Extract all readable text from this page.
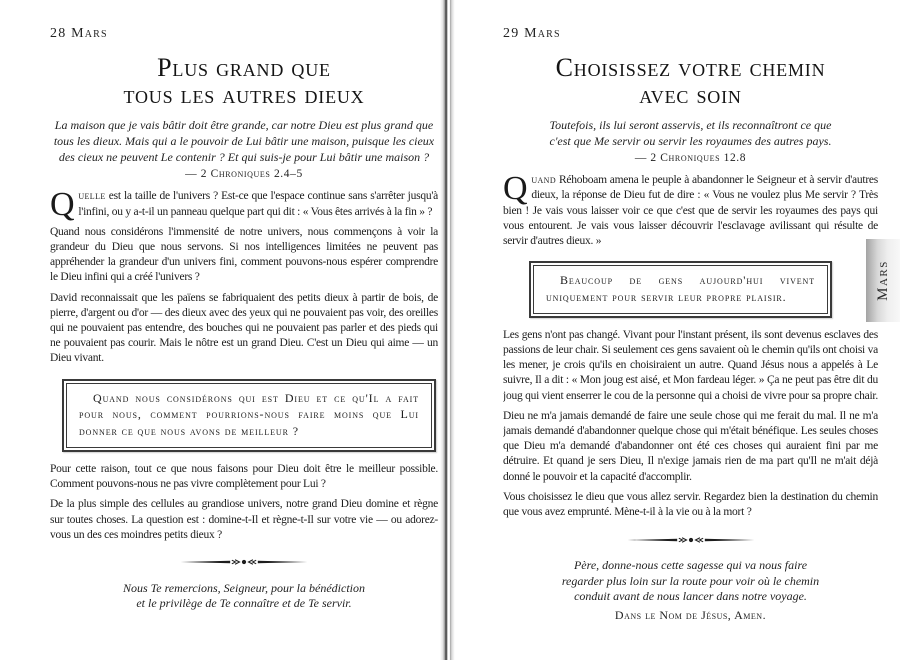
28 Mars
Plus grand que
tous les autres dieux
La maison que je vais bâtir doit être grande, car notre Dieu est plus grand que
tous les dieux. Mais qui a le pouvoir de Lui bâtir une maison, puisque les cieux
des cieux ne peuvent Le contenir ? Et qui suis-je pour Lui bâtir une maison ?
— 2 Chroniques 2.4–5

Quelle est la taille de l'univers ? Est-ce que l'espace continue sans s'arrêter jusqu'à l'infini, ou y a-t-il un panneau quelque part qui dit : « Vous êtes arrivés à la fin » ?

Quand nous considérons l'immensité de notre univers, nous commençons à voir la grandeur du Dieu que nous servons. Si nos intelligences limitées ne peuvent pas appréhender la grandeur d'un univers fini, comment pouvons-nous espérer comprendre le Dieu infini qui a créé l'univers ?

David reconnaissait que les païens se fabriquaient des petits dieux à partir de bois, de pierre, d'argent ou d'or — des dieux avec des yeux qui ne pouvaient pas voir, des oreilles qui ne pouvaient pas entendre, des bouches qui ne pouvaient pas parler et des pieds qui ne pouvaient pas courir. Mais le nôtre est un grand Dieu. C'est un Dieu qui aime — un Dieu vivant.

Quand nous considérons qui est Dieu et ce qu'Il a fait pour nous, comment pourrions-nous faire moins que Lui donner ce que nous avons de meilleur ?

Pour cette raison, tout ce que nous faisons pour Dieu doit être le meilleur possible. Comment pouvons-nous ne pas vivre complètement pour Lui ?

De la plus simple des cellules au grandiose univers, notre grand Dieu domine et règne sur toutes choses. La question est : domine-t-Il et règne-t-Il sur votre vie — ou adorez-vous un des ces moindres petits dieux ?

Nous Te remercions, Seigneur, pour la bénédiction
et le privilège de Te connaître et de Te servir.
29 Mars
Choisissez votre chemin
avec soin
Toutefois, ils lui seront asservis, et ils reconnaîtront ce que
c'est que Me servir ou servir les royaumes des autres pays.
— 2 Chroniques 12.8

Quand Réhoboam amena le peuple à abandonner le Seigneur et à servir d'autres dieux, la réponse de Dieu fut de dire : « Vous ne voulez plus Me servir ? Très bien ! Je vais vous laisser voir ce que c'est que de servir les royaumes des pays qui vous entourent. Je vais vous laisser découvrir l'esclavage avilissant qui résulte de servir d'autres dieux. »

Beaucoup de gens aujourd'hui vivent uniquement pour servir leur propre plaisir.

Les gens n'ont pas changé. Vivant pour l'instant présent, ils sont devenus esclaves des passions de leur chair. Si seulement ces gens savaient où le chemin qu'ils ont choisi va les mener, je crois qu'ils en choisiraient un autre. Quand Jésus nous a appelés à Le suivre, Il a dit : « Mon joug est aisé, et Mon fardeau léger. » Ça ne peut pas être dit du joug qui vient enserrer le cou de la personne qui a choisi de vivre pour sa propre chair.

Dieu ne m'a jamais demandé de faire une seule chose qui me ferait du mal. Il ne m'a jamais demandé d'abandonner quelque chose qui m'était bénéfique. Les seules choses que Dieu m'a demandé d'abandonner ont été ces choses qui auraient fini par me détruire. Et quand je sers Dieu, Il n'exige jamais rien de ma part qu'Il ne m'ait déjà donné le pouvoir et la capacité d'accomplir.

Vous choisissez le dieu que vous allez servir. Regardez bien la destination du chemin que vous avez emprunté. Mène-t-il à la vie ou à la mort ?

Père, donne-nous cette sagesse qui va nous faire
regarder plus loin sur la route pour voir où le chemin
conduit avant de nous lancer dans notre voyage.
Dans le Nom de Jésus, Amen.
Mars
